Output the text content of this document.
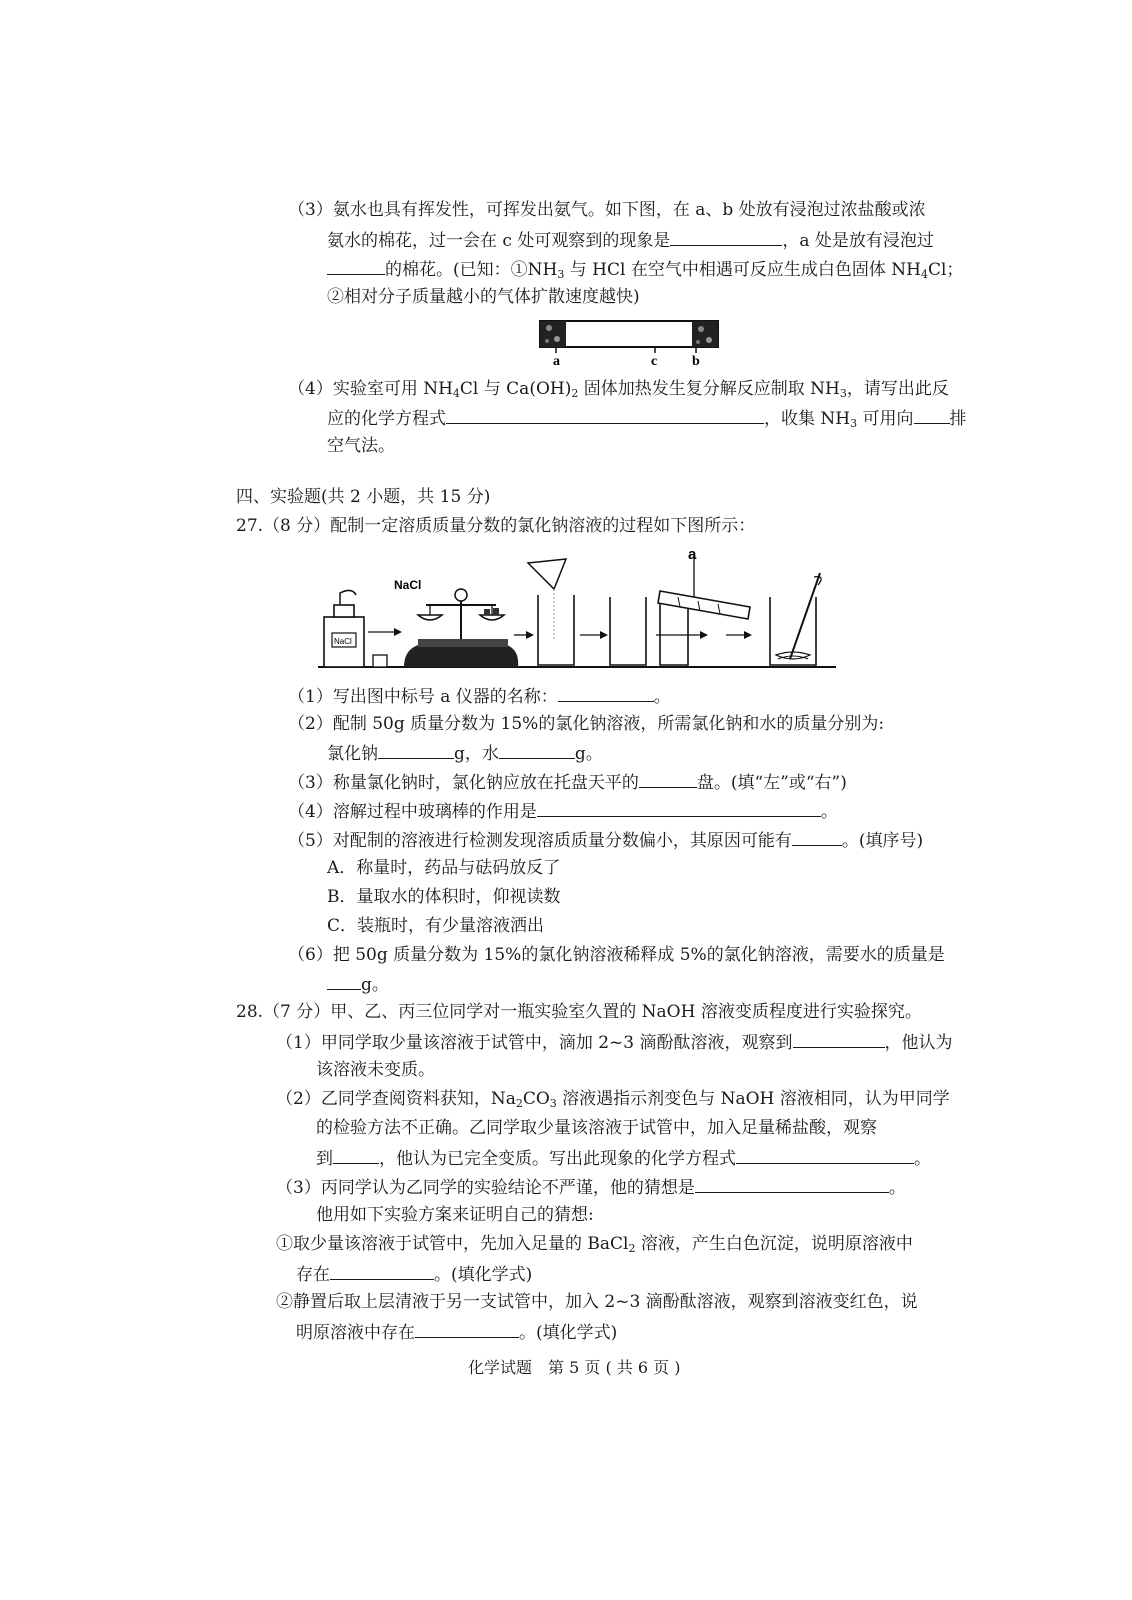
（3）氨水也具有挥发性，可挥发出氨气。如下图，在 a、b 处放有浸泡过浓盐酸或浓
氨水的棉花，过一会在 c 处可观察到的现象是	，a 处是放有浸泡过
的棉花。(已知：$①NH_3$ 与 HCl 在空气中相遇可反应生成白色固体 $NH_4Cl$；
②相对分子质量越小的气体扩散速度越快)
a	c b
（4）实验室可用 $NH_4Cl$ 与 $Ca(OH)_2$ 固体加热发生复分解反应制取 $NH_3$，请写出此反
应的化学方程式	，收集 $NH_3$ 可用向 排
空气法。
四、实验题(共 2 小题，共 15 分)
27.（8 分）配制一定溶质质量分数的氯化钠溶液的过程如下图所示：
NaCl
NaCl
a
（1）写出图中标号 a 仪器的名称：	。
（2）配制 50g 质量分数为 15%的氯化钠溶液，所需氯化钠和水的质量分别为:
氯化钠	g，水	g。
（3）称量氯化钠时，氯化钠应放在托盘天平的	盘。(填“左”或“右”)
（4）溶解过程中玻璃棒的作用是	。
（5）对配制的溶液进行检测发现溶质质量分数偏小，其原因可能有	。(填序号)
A．称量时，药品与砝码放反了
B．量取水的体积时，仰视读数
C．装瓶时，有少量溶液洒出
（6）把 50g 质量分数为 15%的氯化钠溶液稀释成 5%的氯化钠溶液，需要水的质量是
g。
28.（7 分）甲、乙、丙三位同学对一瓶实验室久置的 NaOH 溶液变质程度进行实验探究。
（1）甲同学取少量该溶液于试管中，滴加 2~3 滴酚酞溶液，观察到	，他认为
该溶液未变质。
（2）乙同学查阅资料获知，$Na_2CO_3$ 溶液遇指示剂变色与 NaOH 溶液相同，认为甲同学
的检验方法不正确。乙同学取少量该溶液于试管中，加入足量稀盐酸，观察
到	，他认为已完全变质。写出此现象的化学方程式	。
（3）丙同学认为乙同学的实验结论不严谨，他的猜想是	。
他用如下实验方案来证明自己的猜想:
①取少量该溶液于试管中，先加入足量的 BaCl$_2$ 溶液，产生白色沉淀，说明原溶液中
存在	。(填化学式)
②静置后取上层清液于另一支试管中，加入 2~3 滴酚酞溶液，观察到溶液变红色，说
明原溶液中存在	。(填化学式)
化学试题　第 5 页 ( 共 6 页 )
